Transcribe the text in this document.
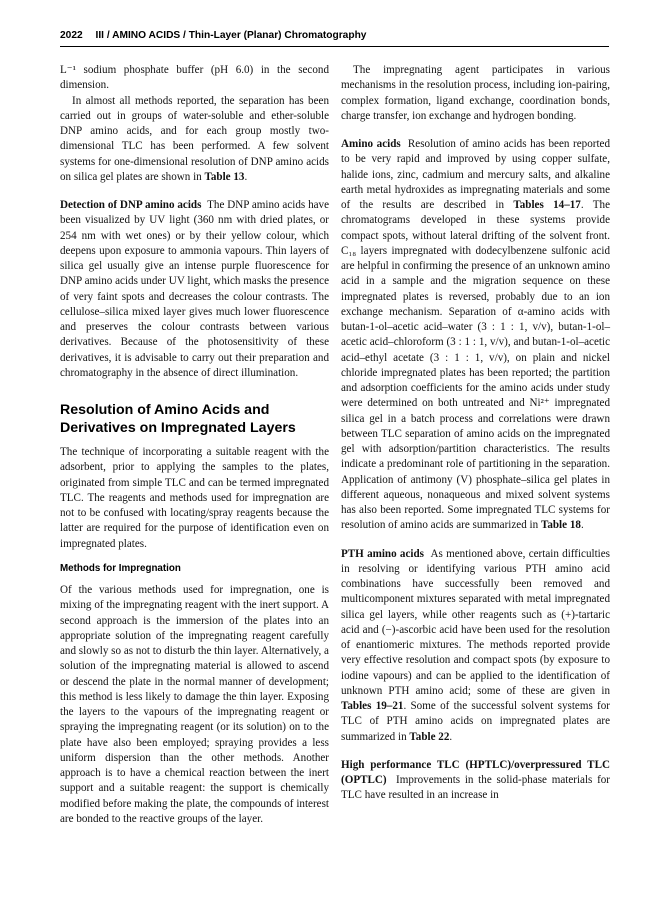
2022 III / AMINO ACIDS / Thin-Layer (Planar) Chromatography

L⁻¹ sodium phosphate buffer (pH 6.0) in the second dimension.

In almost all methods reported, the separation has been carried out in groups of water-soluble and ether-soluble DNP amino acids, and for each group mostly two-dimensional TLC has been performed. A few solvent systems for one-dimensional resolution of DNP amino acids on silica gel plates are shown in Table 13.

Detection of DNP amino acids The DNP amino acids have been visualized by UV light (360 nm with dried plates, or 254 nm with wet ones) or by their yellow colour, which deepens upon exposure to ammonia vapours. Thin layers of silica gel usually give an intense purple fluorescence for DNP amino acids under UV light, which masks the presence of very faint spots and decreases the colour contrasts. The cellulose–silica mixed layer gives much lower fluorescence and preserves the colour contrasts between various derivatives. Because of the photosensitivity of these derivatives, it is advisable to carry out their preparation and chromatography in the absence of direct illumination.

Resolution of Amino Acids and Derivatives on Impregnated Layers

The technique of incorporating a suitable reagent with the adsorbent, prior to applying the samples to the plates, originated from simple TLC and can be termed impregnated TLC. The reagents and methods used for impregnation are not to be confused with locating/spray reagents because the latter are required for the purpose of identification even on impregnated plates.

Methods for Impregnation

Of the various methods used for impregnation, one is mixing of the impregnating reagent with the inert support. A second approach is the immersion of the plates into an appropriate solution of the impregnating reagent carefully and slowly so as not to disturb the thin layer. Alternatively, a solution of the impregnating material is allowed to ascend or descend the plate in the normal manner of development; this method is less likely to damage the thin layer. Exposing the layers to the vapours of the impregnating reagent or spraying the impregnating reagent (or its solution) on to the plate have also been employed; spraying provides a less uniform dispersion than the other methods. Another approach is to have a chemical reaction between the inert support and a suitable reagent: the support is chemically modified before making the plate, the compounds of interest are bonded to the reactive groups of the layer.

The impregnating agent participates in various mechanisms in the resolution process, including ion-pairing, complex formation, ligand exchange, coordination bonds, charge transfer, ion exchange and hydrogen bonding.

Amino acids Resolution of amino acids has been reported to be very rapid and improved by using copper sulfate, halide ions, zinc, cadmium and mercury salts, and alkaline earth metal hydroxides as impregnating materials and some of the results are described in Tables 14–17. The chromatograms developed in these systems provide compact spots, without lateral drifting of the solvent front. C₁₈ layers impregnated with dodecylbenzene sulfonic acid are helpful in confirming the presence of an unknown amino acid in a sample and the migration sequence on these impregnated plates is reversed, probably due to an ion exchange mechanism. Separation of α-amino acids with butan-1-ol–acetic acid–water (3 : 1 : 1, v/v), butan-1-ol–acetic acid–chloroform (3 : 1 : 1, v/v), and butan-1-ol–acetic acid–ethyl acetate (3 : 1 : 1, v/v), on plain and nickel chloride impregnated plates has been reported; the partition and adsorption coefficients for the amino acids under study were determined on both untreated and Ni²⁺ impregnated silica gel in a batch process and correlations were drawn between TLC separation of amino acids on the impregnated gel with adsorption/partition characteristics. The results indicate a predominant role of partitioning in the separation. Application of antimony (V) phosphate–silica gel plates in different aqueous, nonaqueous and mixed solvent systems has also been reported. Some impregnated TLC systems for resolution of amino acids are summarized in Table 18.

PTH amino acids As mentioned above, certain difficulties in resolving or identifying various PTH amino acid combinations have successfully been removed and multicomponent mixtures separated with metal impregnated silica gel layers, while other reagents such as (+)-tartaric acid and (−)-ascorbic acid have been used for the resolution of enantiomeric mixtures. The methods reported provide very effective resolution and compact spots (by exposure to iodine vapours) and can be applied to the identification of unknown PTH amino acid; some of these are given in Tables 19–21. Some of the successful solvent systems for TLC of PTH amino acids on impregnated plates are summarized in Table 22.

High performance TLC (HPTLC)/overpressured TLC (OPTLC) Improvements in the solid-phase materials for TLC have resulted in an increase in
